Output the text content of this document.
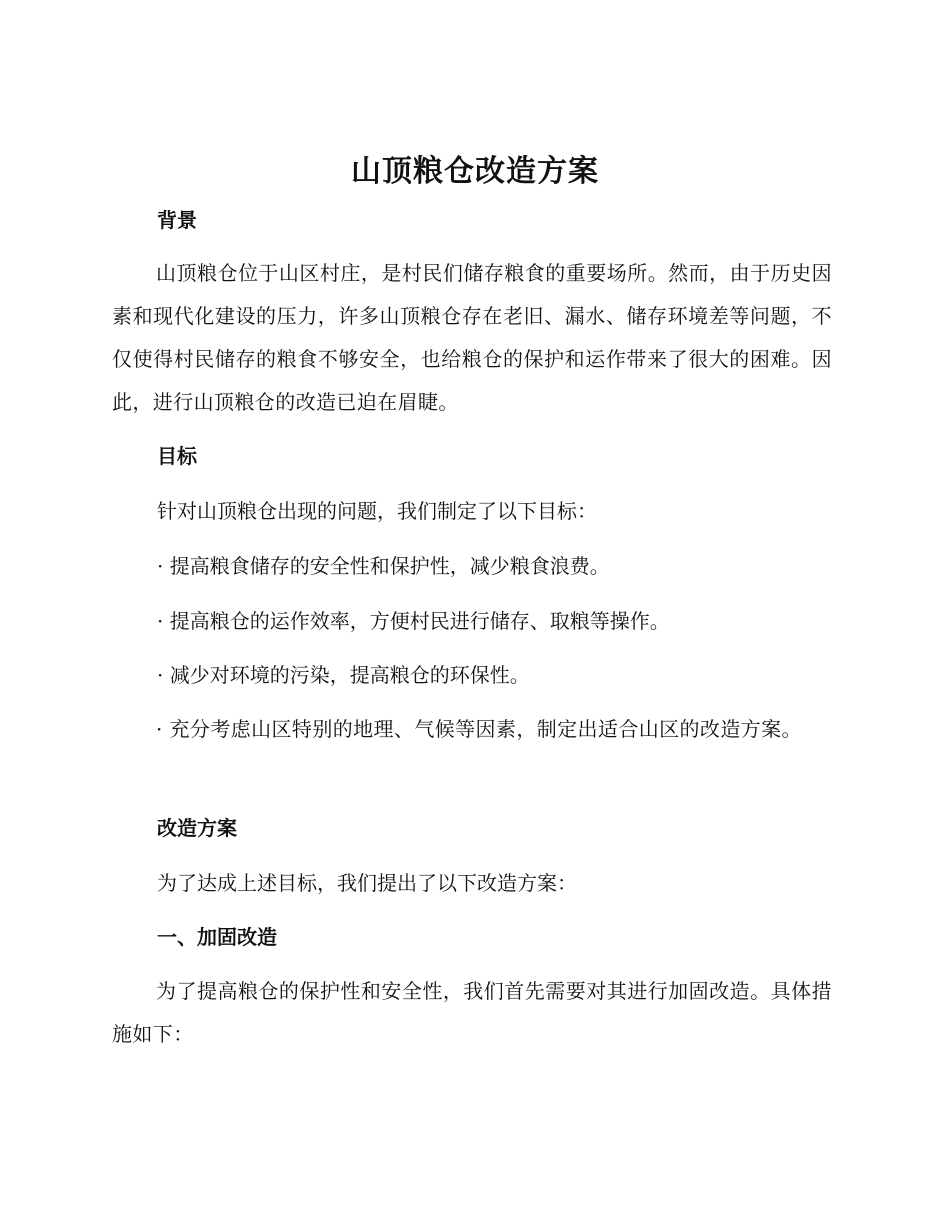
山顶粮仓改造方案
背景

山顶粮仓位于山区村庄，是村民们储存粮食的重要场所。然而，由于历史因素和现代化建设的压力，许多山顶粮仓存在老旧、漏水、储存环境差等问题，不仅使得村民储存的粮食不够安全，也给粮仓的保护和运作带来了很大的困难。因此，进行山顶粮仓的改造已迫在眉睫。

目标

针对山顶粮仓出现的问题，我们制定了以下目标：

· 提高粮食储存的安全性和保护性，减少粮食浪费。

· 提高粮仓的运作效率，方便村民进行储存、取粮等操作。

· 减少对环境的污染，提高粮仓的环保性。

· 充分考虑山区特别的地理、气候等因素，制定出适合山区的改造方案。

改造方案

为了达成上述目标，我们提出了以下改造方案：

一、加固改造

为了提高粮仓的保护性和安全性，我们首先需要对其进行加固改造。具体措施如下：
